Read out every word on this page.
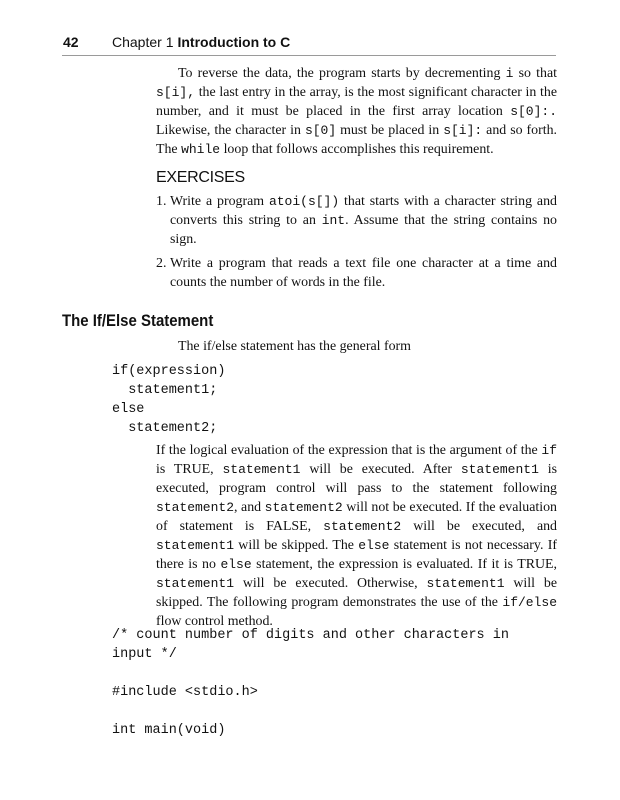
42 Chapter 1 Introduction to C

To reverse the data, the program starts by decrementing i so that s[i], the last entry in the array, is the most significant character in the number, and it must be placed in the first array location s[0]:. Likewise, the character in s[0] must be placed in s[i]: and so forth. The while loop that follows accomplishes this requirement.

EXERCISES
1. Write a program atoi(s[]) that starts with a character string and converts this string to an int. Assume that the string contains no sign.
2. Write a program that reads a text file one character at a time and counts the number of words in the file.
The If/Else Statement
The if/else statement has the general form
if(expression)
statement1;
else
statement2;

If the logical evaluation of the expression that is the argument of the if is TRUE, statement1 will be executed. After statement1 is executed, program control will pass to the statement following statement2, and statement2 will not be executed. If the evaluation of statement is FALSE, statement2 will be executed, and statement1 will be skipped. The else statement is not necessary. If there is no else statement, the expression is evaluated. If it is TRUE, statement1 will be executed. Otherwise, statement1 will be skipped. The following program demonstrates the use of the if/else flow control method.

/* count number of digits and other characters in
input */

#include <stdio.h>

int main(void)
